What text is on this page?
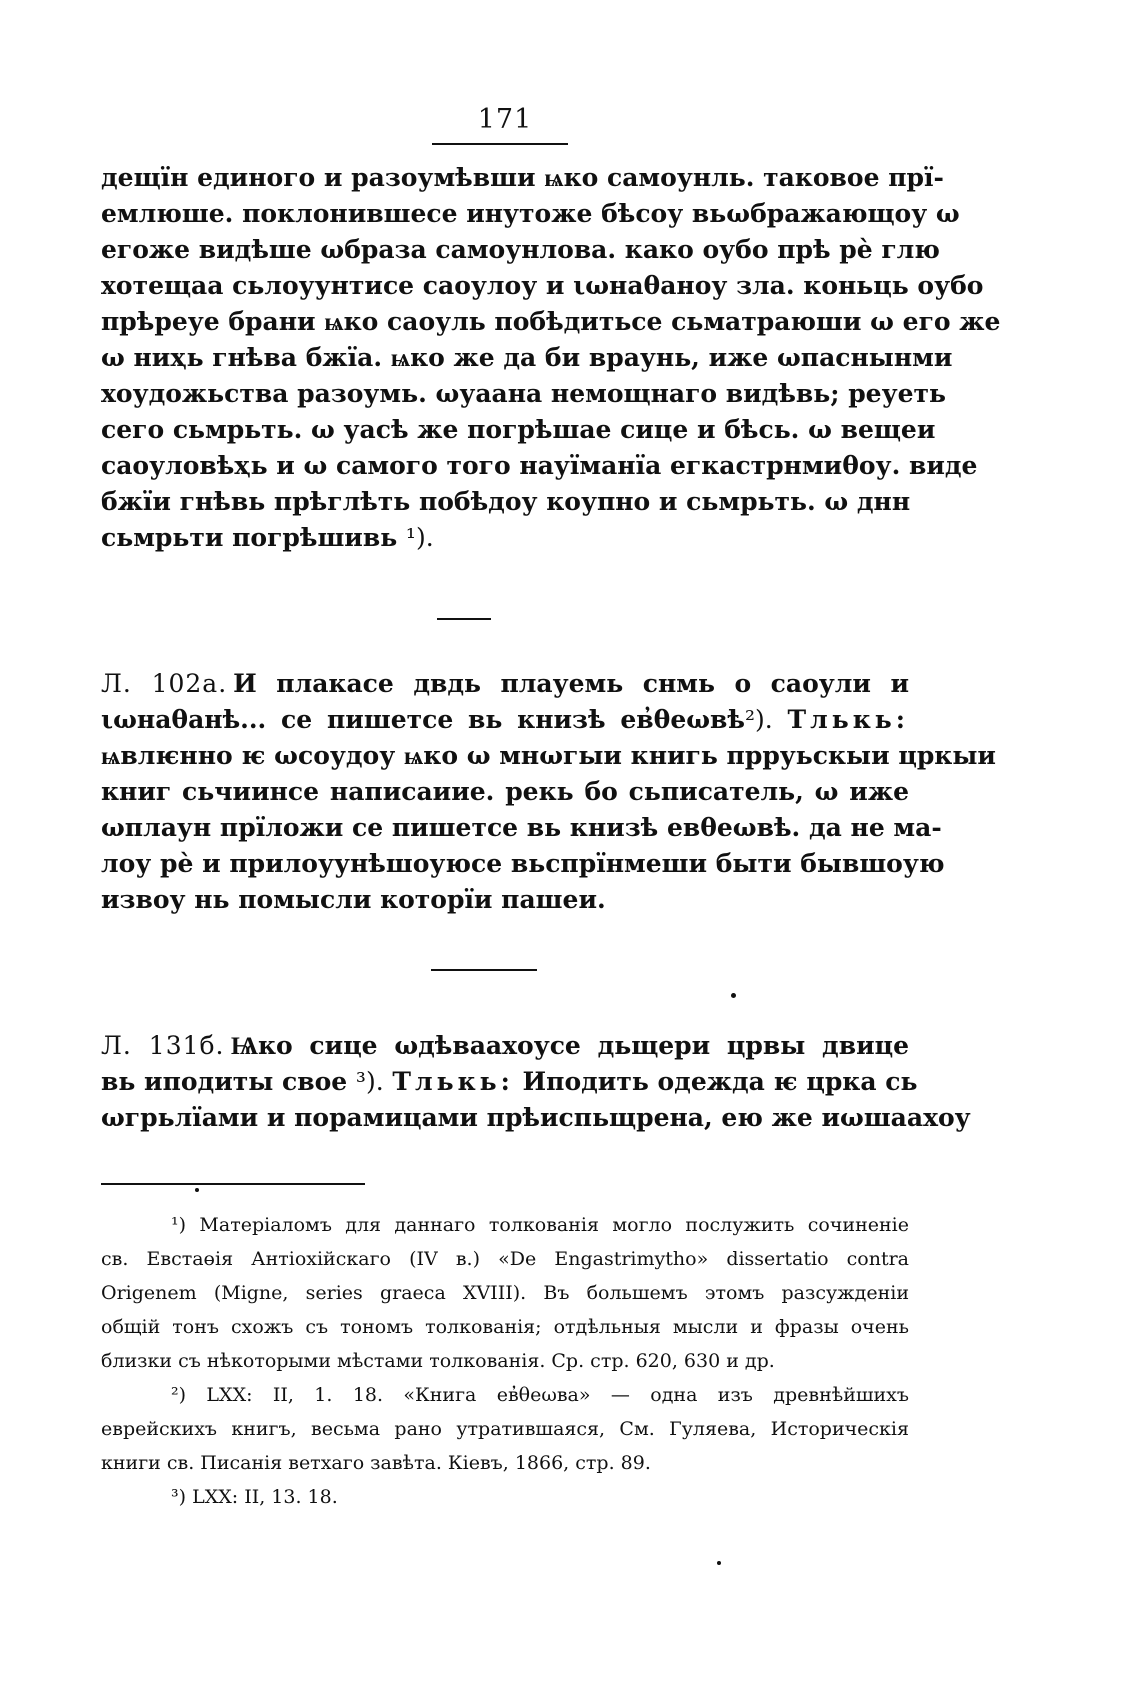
171
дещїн единого и разоумѣвши ѩко самоунль. таковое прї-
емлюше. поклонившесе инутоже бѣсоу вьωбражающоу ω
егоже видѣше ωбраза самоунлова. како оубо прѣ рѐ глю
хотещаа сьлоуунтисе саоулоу и ιωнаθаноу зла. коньць оубо
прѣреуе брани ѩко саоуль побѣдитьсе сьматраюши ω его же
ω ниҳь гнѣва бжїа. ѩко же да би враунь, иже ωпаснынми
хоудожьства разоумь. ωуаана немощнаго видѣвь; реуеть
сего сьмрьть. ω уасѣ же погрѣшае сице и бѣсь. ω вещеи
саоуловѣҳь и ω самого того науїманїа егкастрнмиθоу. виде
бжїи гнѣвь прѣглѣть побѣдоу коупно и сьмрьть. ω днн
сьмрьти погрѣшивь ¹).
Л. 102а. И плакасе двдь плауемь снмь о саоули и
ιωнаθанѣ... се пишетсе вь книзѣ ев̓θеωвѣ²). Тлькь:
ѩвлѥнно ѥ ωсоудоу ѩко ω мнωгыи книгь прруьскыи цркыи
книг сьчиинсе написаиие. рекь бо сьписатель, ω иже
ωплаун прїложи се пишетсе вь книзѣ евθеωвѣ. да не ма-
лоу рѐ и прилоуунѣшоуюсе вьспрїнмеши быти бывшоую
извоу нь помысли которїи пашеи.
Л. 131б. Ѩко сице ωдѣваахоусе дьщери црвы двице
вь иподиты свое ³). Тлькь: Иподить одежда ѥ црка сь
ωгрьлїами и порамицами прѣиспьщрена, ею же иωшаахоу
¹) Матеріаломъ для даннаго толкованія могло послужить сочиненіе
св. Евстаөія Антіохійскаго (IV в.) «De Engastrimytho» dissertatio contra
Origenem (Migne, series graeca XVIII). Въ большемъ этомъ разсужденіи
общій тонъ схожъ съ тономъ толкованія; отдѣльныя мысли и фразы очень
близки съ нѣкоторыми мѣстами толкованія. Ср. стр. 620, 630 и др.
²) LXX: II, 1. 18. «Книга ев̓θеωва» — одна изъ древнѣйшихъ
еврейскихъ книгъ, весьма рано утратившаяся, См. Гуляева, Историческія
книги св. Писанія ветхаго завѣта. Кіевъ, 1866, стр. 89.
³) LXX: II, 13. 18.
